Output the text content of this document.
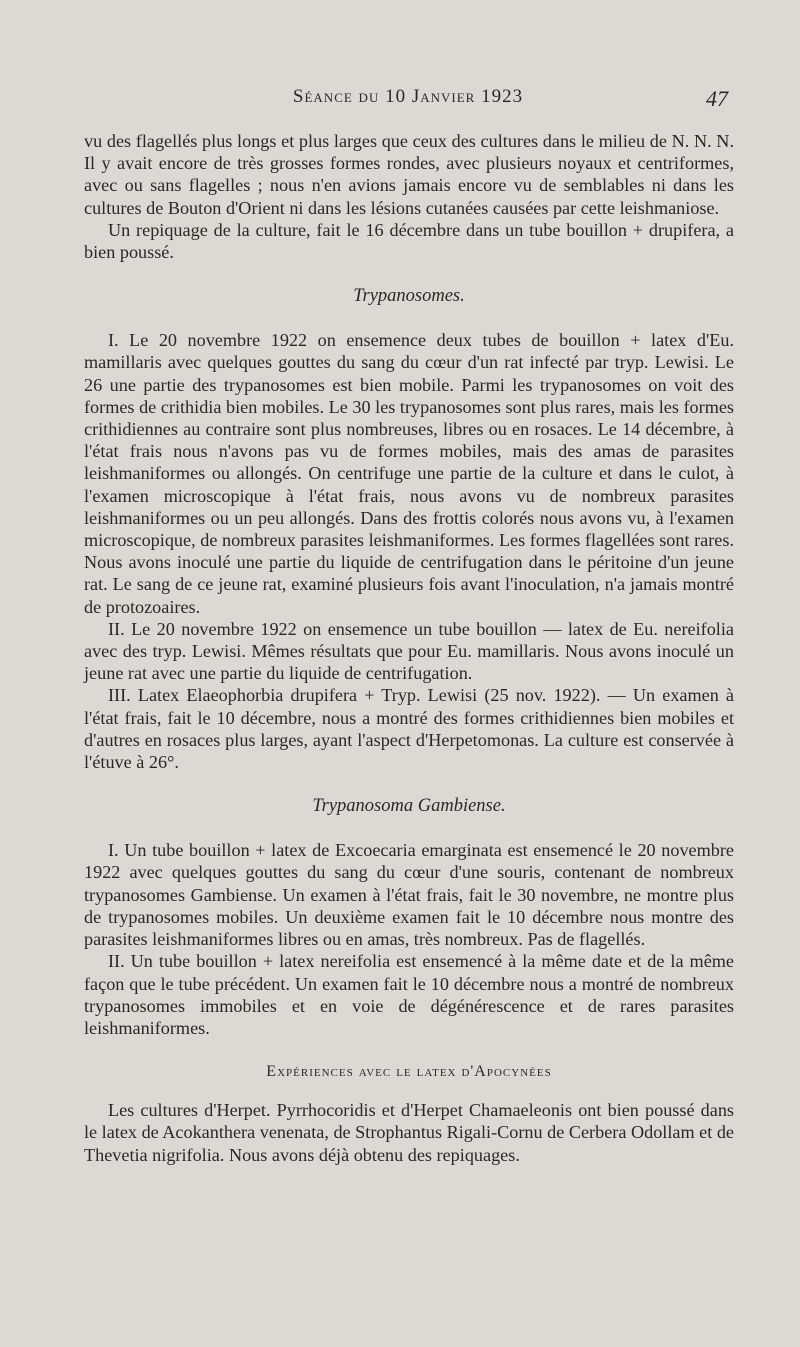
Séance du 10 Janvier 1923	47

vu des flagellés plus longs et plus larges que ceux des cultures dans le milieu de N. N. N. Il y avait encore de très grosses formes rondes, avec plusieurs noyaux et centriformes, avec ou sans flagelles ; nous n'en avions jamais encore vu de semblables ni dans les cultures de Bouton d'Orient ni dans les lésions cutanées causées par cette leishmaniose.

Un repiquage de la culture, fait le 16 décembre dans un tube bouillon + drupifera, a bien poussé.

Trypanosomes.

I. Le 20 novembre 1922 on ensemence deux tubes de bouillon + latex d'Eu. mamillaris avec quelques gouttes du sang du cœur d'un rat infecté par tryp. Lewisi. Le 26 une partie des trypanosomes est bien mobile. Parmi les trypanosomes on voit des formes de crithidia bien mobiles. Le 30 les trypanosomes sont plus rares, mais les formes crithidiennes au contraire sont plus nombreuses, libres ou en rosaces. Le 14 décembre, à l'état frais nous n'avons pas vu de formes mobiles, mais des amas de parasites leishmaniformes ou allongés. On centrifuge une partie de la culture et dans le culot, à l'examen microscopique à l'état frais, nous avons vu de nombreux parasites leishmaniformes ou un peu allongés. Dans des frottis colorés nous avons vu, à l'examen microscopique, de nombreux parasites leishmaniformes. Les formes flagellées sont rares. Nous avons inoculé une partie du liquide de centrifugation dans le péritoine d'un jeune rat. Le sang de ce jeune rat, examiné plusieurs fois avant l'inoculation, n'a jamais montré de protozoaires.

II. Le 20 novembre 1922 on ensemence un tube bouillon — latex de Eu. nereifolia avec des tryp. Lewisi. Mêmes résultats que pour Eu. mamillaris. Nous avons inoculé un jeune rat avec une partie du liquide de centrifugation.

III. Latex Elaeophorbia drupifera + Tryp. Lewisi (25 nov. 1922). — Un examen à l'état frais, fait le 10 décembre, nous a montré des formes crithidiennes bien mobiles et d'autres en rosaces plus larges, ayant l'aspect d'Herpetomonas. La culture est conservée à l'étuve à 26°.

Trypanosoma Gambiense.

I. Un tube bouillon + latex de Excoecaria emarginata est ensemencé le 20 novembre 1922 avec quelques gouttes du sang du cœur d'une souris, contenant de nombreux trypanosomes Gambiense. Un examen à l'état frais, fait le 30 novembre, ne montre plus de trypanosomes mobiles. Un deuxième examen fait le 10 décembre nous montre des parasites leishmaniformes libres ou en amas, très nombreux. Pas de flagellés.

II. Un tube bouillon + latex nereifolia est ensemencé à la même date et de la même façon que le tube précédent. Un examen fait le 10 décembre nous a montré de nombreux trypanosomes immobiles et en voie de dégénérescence et de rares parasites leishmaniformes.

Expériences avec le latex d'Apocynées

Les cultures d'Herpet. Pyrrhocoridis et d'Herpet Chamaeleonis ont bien poussé dans le latex de Acokanthera venenata, de Strophantus Rigali-Cornu de Cerbera Odollam et de Thevetia nigrifolia. Nous avons déjà obtenu des repiquages.
